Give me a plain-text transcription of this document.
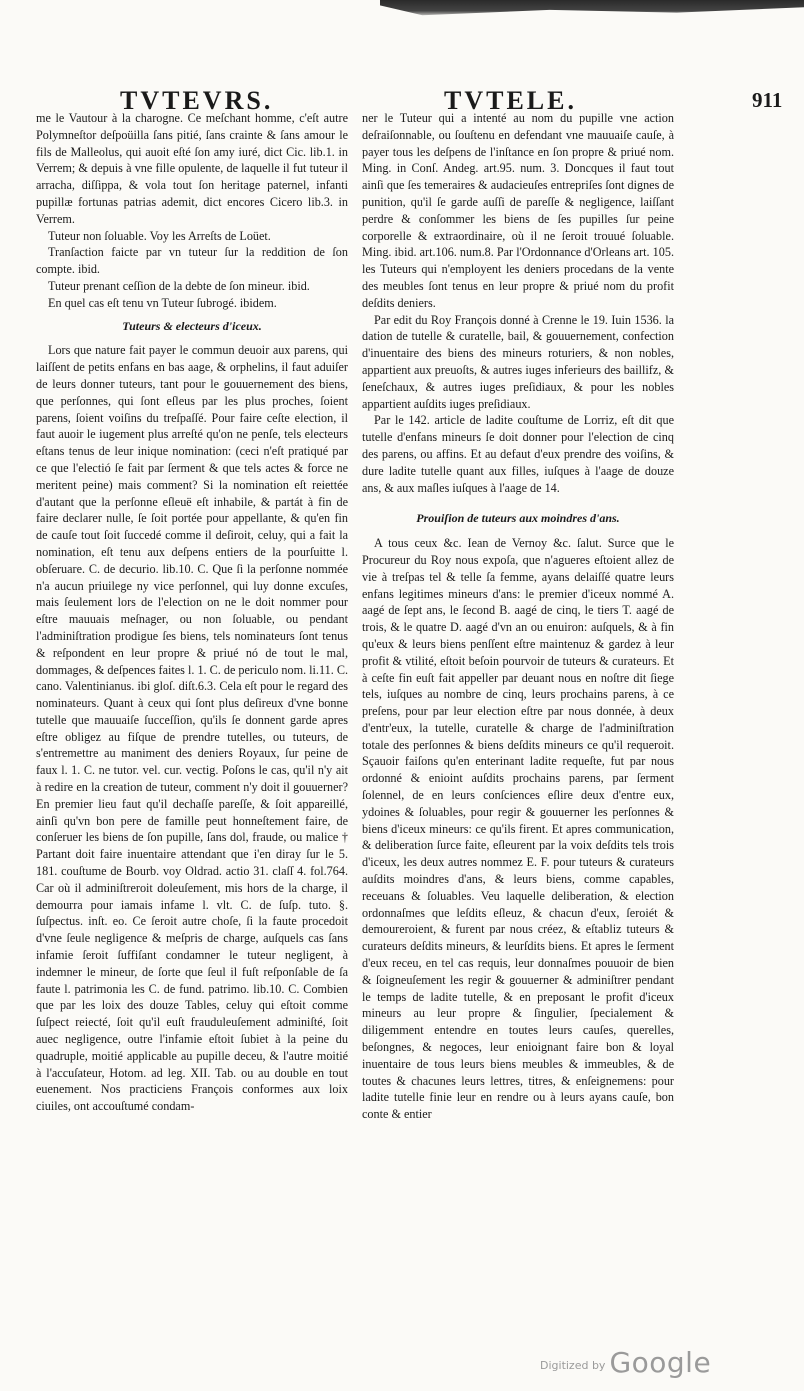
TVTEVRS.	TVTELE.	911

me le Vautour à la charogne. Ce meſchant homme, c'eſt autre Polymneſtor deſpoüilla ſans pitié, ſans crainte & ſans amour le fils de Malleolus, qui auoit eſté ſon amy iuré, dict Cic. lib.1. in Verrem; & depuis à vne fille opulente, de laquelle il fut tuteur il arracha, diſſippa, & vola tout ſon heritage paternel, infanti pupillæ fortunas patrias ademit, dict encores Cicero lib.3. in Verrem.

Tuteur non ſoluable. Voy les Arreſts de Loüet.

Tranſaction faicte par vn tuteur ſur la reddition de ſon compte. ibid.

Tuteur prenant ceſſion de la debte de ſon mineur. ibid.

En quel cas eſt tenu vn Tuteur ſubrogé. ibidem.

Tuteurs & electeurs d'iceux.

Lors que nature fait payer le commun deuoir aux parens, qui laiſſent de petits enfans en bas aage, & orphelins, il faut aduiſer de leurs donner tuteurs, tant pour le gouuernement des biens, que perſonnes, qui ſont eſleus par les plus proches, ſoient parens, ſoient voiſins du treſpaſſé. Pour faire ceſte election, il faut auoir le iugement plus arreſté qu'on ne penſe, tels electeurs eſtans tenus de leur inique nomination: (ceci n'eſt pratiqué par ce que l'electió ſe fait par ſerment & que tels actes & force ne meritent peine) mais comment? Si la nomination eſt reiettée d'autant que la perſonne eſleuë eſt inhabile, & partát à fin de faire declarer nulle, ſe ſoit portée pour appellante, & qu'en fin de cauſe tout ſoit ſuccedé comme il deſiroit, celuy, qui a fait la nomination, eſt tenu aux deſpens entiers de la pourſuitte l. obſeruare. C. de decurio. lib.10. C. Que ſi la perſonne nommée n'a aucun priuilege ny vice perſonnel, qui luy donne excuſes, mais ſeulement lors de l'election on ne le doit nommer pour eſtre mauuais meſnager, ou non ſoluable, ou pendant l'adminiſtration prodigue ſes biens, tels nominateurs ſont tenus & reſpondent en leur propre & priué nó de tout le mal, dommages, & deſpences faites l. 1. C. de periculo nom. li.11. C. cano. Valentinianus. ibi gloſ. diſt.6.3. Cela eſt pour le regard des nominateurs. Quant à ceux qui ſont plus deſireux d'vne bonne tutelle que mauuaiſe ſucceſſion, qu'ils ſe donnent garde apres eſtre obligez au fiſque de prendre tutelles, ou tuteurs, de s'entremettre au maniment des deniers Royaux, ſur peine de faux l. 1. C. ne tutor. vel. cur. vectig. Poſons le cas, qu'il n'y ait à redire en la creation de tuteur, comment n'y doit il gouuerner? En premier lieu faut qu'il dechaſſe pareſſe, & ſoit appareillé, ainſi qu'vn bon pere de famille peut honneſtement faire, de conſeruer les biens de ſon pupille, ſans dol, fraude, ou malice † Partant doit faire inuentaire attendant que i'en diray ſur le 5. 181. couſtume de Bourb. voy Oldrad. actio 31. claſſ 4. fol.764. Car où il adminiſtreroit doleuſement, mis hors de la charge, il demourra pour iamais infame l. vlt. C. de ſuſp. tuto. §. ſuſpectus. inſt. eo. Ce ſeroit autre choſe, ſi la faute procedoit d'vne ſeule negligence & meſpris de charge, auſquels cas ſans infamie ſeroit ſuffiſant condamner le tuteur negligent, à indemner le mineur, de ſorte que ſeul il fuſt reſponſable de ſa faute l. patrimonia les C. de fund. patrimo. lib.10. C. Combien que par les loix des douze Tables, celuy qui eſtoit comme ſuſpect reiecté, ſoit qu'il euſt frauduleuſement adminiſté, ſoit auec negligence, outre l'infamie eſtoit ſubiet à la peine du quadruple, moitié applicable au pupille deceu, & l'autre moitié à l'accuſateur, Hotom. ad leg. XII. Tab. ou au double en tout euenement. Nos practiciens François conformes aux loix ciuiles, ont accouſtumé condam-

ner le Tuteur qui a intenté au nom du pupille vne action deſraiſonnable, ou ſouſtenu en defendant vne mauuaiſe cauſe, à payer tous les deſpens de l'inſtance en ſon propre & priué nom. Ming. in Conſ. Andeg. art.95. num. 3. Doncques il faut tout ainſi que ſes temeraires & audacieuſes entrepriſes ſont dignes de punition, qu'il ſe garde auſſi de pareſſe & negligence, laiſſant perdre & conſommer les biens de ſes pupilles ſur peine corporelle & extraordinaire, où il ne ſeroit trouué ſoluable. Ming. ibid. art.106. num.8. Par l'Ordonnance d'Orleans art. 105. les Tuteurs qui n'employent les deniers procedans de la vente des meubles ſont tenus en leur propre & priué nom du profit deſdits deniers.

Par edit du Roy François donné à Crenne le 19. Iuin 1536. la dation de tutelle & curatelle, bail, & gouuernement, confection d'inuentaire des biens des mineurs roturiers, & non nobles, appartient aux preuoſts, & autres iuges inferieurs des baillifz, & ſeneſchaux, & autres iuges preſidiaux, & pour les nobles appartient auſdits iuges preſidiaux.

Par le 142. article de ladite couſtume de Lorriz, eſt dit que tutelle d'enfans mineurs ſe doit donner pour l'election de cinq des parens, ou affins. Et au defaut d'eux prendre des voiſins, & dure ladite tutelle quant aux filles, iuſques à l'aage de douze ans, & aux maſles iuſques à l'aage de 14.

Prouiſion de tuteurs aux moindres d'ans.

A tous ceux &c. Iean de Vernoy &c. ſalut. Surce que le Procureur du Roy nous expoſa, que n'agueres eſtoient allez de vie à treſpas tel & telle ſa femme, ayans delaiſſé quatre leurs enfans legitimes mineurs d'ans: le premier d'iceux nommé A. aagé de ſept ans, le ſecond B. aagé de cinq, le tiers T. aagé de trois, & le quatre D. aagé d'vn an ou enuiron: auſquels, & à fin qu'eux & leurs biens penſſent eſtre maintenuz & gardez à leur profit & vtilité, eſtoit beſoin pourvoir de tuteurs & curateurs. Et à ceſte fin euſt fait appeller par deuant nous en noſtre dit ſiege tels, iuſques au nombre de cinq, leurs prochains parens, à ce preſens, pour par leur election eſtre par nous donnée, à deux d'entr'eux, la tutelle, curatelle & charge de l'adminiſtration totale des perſonnes & biens deſdits mineurs ce qu'il requeroit. Sçauoir faiſons qu'en enterinant ladite requeſte, fut par nous ordonné & enioint auſdits prochains parens, par ſerment ſolennel, de en leurs conſciences eſlire deux d'entre eux, ydoines & ſoluables, pour regir & gouuerner les perſonnes & biens d'iceux mineurs: ce qu'ils firent. Et apres communication, & deliberation ſurce faite, eſleurent par la voix deſdits tels trois d'iceux, les deux autres nommez E. F. pour tuteurs & curateurs auſdits moindres d'ans, & leurs biens, comme capables, receuans & ſoluables. Veu laquelle deliberation, & election ordonnaſmes que leſdits eſleuz, & chacun d'eux, ſeroiét & demoureroient, & furent par nous créez, & eſtabliz tuteurs & curateurs deſdits mineurs, & leurſdits biens. Et apres le ſerment d'eux receu, en tel cas requis, leur donnaſmes pouuoir de bien & ſoigneuſement les regir & gouuerner & adminiſtrer pendant le temps de ladite tutelle, & en preposant le profit d'iceux mineurs au leur propre & ſingulier, ſpecialement & diligemment entendre en toutes leurs cauſes, querelles, beſongnes, & negoces, leur enioignant faire bon & loyal inuentaire de tous leurs biens meubles & immeubles, & de toutes & chacunes leurs lettres, titres, & enſeignemens: pour ladite tutelle finie leur en rendre ou à leurs ayans cauſe, bon conte & entier

Digitized by Google
